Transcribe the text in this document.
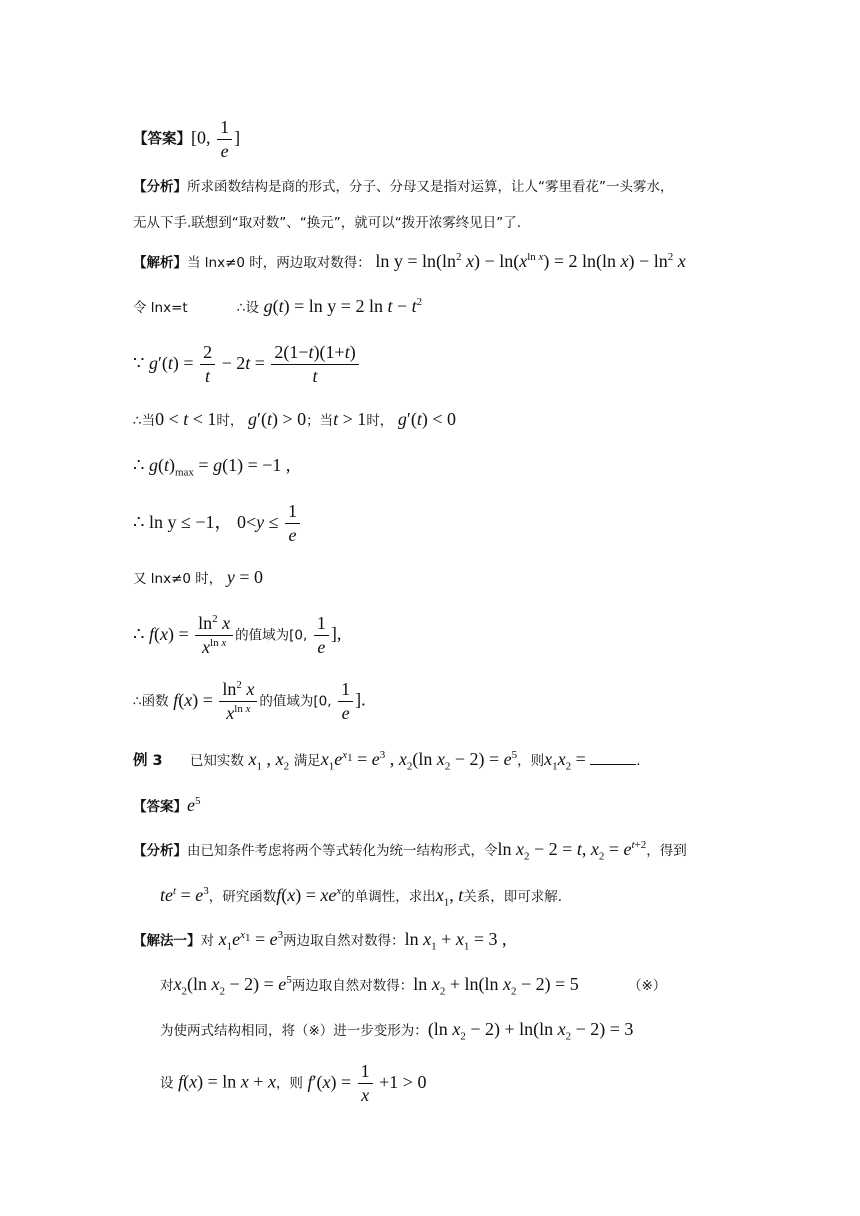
【答案】[0, $\frac{1}{e}$ ]
【分析】所求函数结构是商的形式，分子、分母又是指对运算，让人“雾里看花”一头雾水，
无从下手.联想到“取对数”、“换元”，就可以“拨开浓雾终见日”了.
【解析】当 lnx≠0 时，两边取对数得： $\ln y = \ln(\ln^2$ $x) - \ln(x^{ln x}) = 2$ ln(ln $x) - \ln^2 x$
令 lnx=t	∴设 g(t) = ln y = 2 $\ln t - t^2$
∵ $g'(t) = \frac{2}{t} - 2t = \frac{2(1-t)(1+t)}{t}$
∴当0 < t < 1时， g′(t) > 0；当t > 1时， g′(t) < 0
∴ $g(t)_{max} = g(1) = -1$ ,
∴ ln y ≤ −1， $0<y \le \frac{1}{e}$
又 lnx≠0 时， y = 0
∴ $f(x) = \frac{\ln^2 x}{x^{ln x}}$ 的值域为[0, $\frac{1}{e}$ ],
∴函数 $f(x) = \frac{\ln^2 x}{x^{ln x}}$ 的值域为[0, $\frac{1}{e}$ ].
例 3 已知实数 $x_1$ , $x_2$ 满足$x_1e^{x_1} = e^3$ , $x_2(\ln$ $x_2 - 2) = e^5$，则$x_1x_2$ =	.
【答案】$e^5$
【分析】由已知条件考虑将两个等式转化为统一结构形式，令$\ln x_2 - 2 = t$, $x_2 = e^{t+2}$，得到
$te^t = e^3$，研究函数$f(x) = xe^x$的单调性，求出$x_1$, t关系，即可求解.
【解法一】对 $x_1e^{x_1} = e^3$两边取自然对数得：$\ln x_1 + x_1 = 3$ ,
对$x_2(\ln$ $x_2 - 2) = e^5$两边取自然对数得：$\ln x_2 + \ln(\ln$ $x_2 - 2) = 5$	（※）
为使两式结构相同，将（※）进一步变形为：(ln $x_2 - 2) + \ln(\ln$ $x_2 - 2) = 3$
设 f(x) = ln x + x，则 $f'(x) = \frac{1}{x} +1 > 0$
